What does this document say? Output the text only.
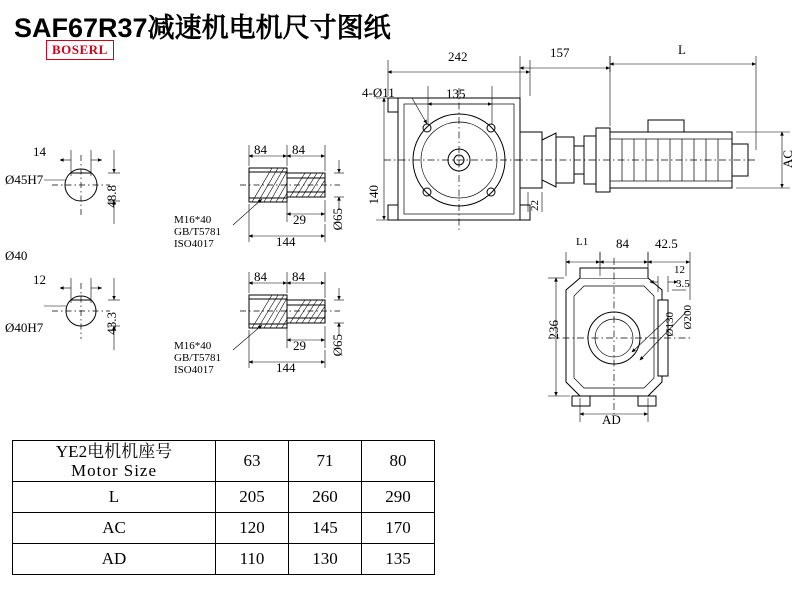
SAF67R37减速机电机尺寸图纸
BOSERL
14
Ø45H7
Ø40
48.8
12
Ø40H7	43.3
84 84
29
144
Ø65
M16*40
GB/T5781
ISO4017
84 84
29
144
Ø65
M16*40
GB/T5781
ISO4017
242
135
4-Ø11
140
22
157	L
AC
L1 84 42.5
12
3.5
236	Ø130 Ø200
AD
YE2电机机座号
Motor Size	63	71	80
L	205	260	290
AC	120	145	170
AD	110	130	135
